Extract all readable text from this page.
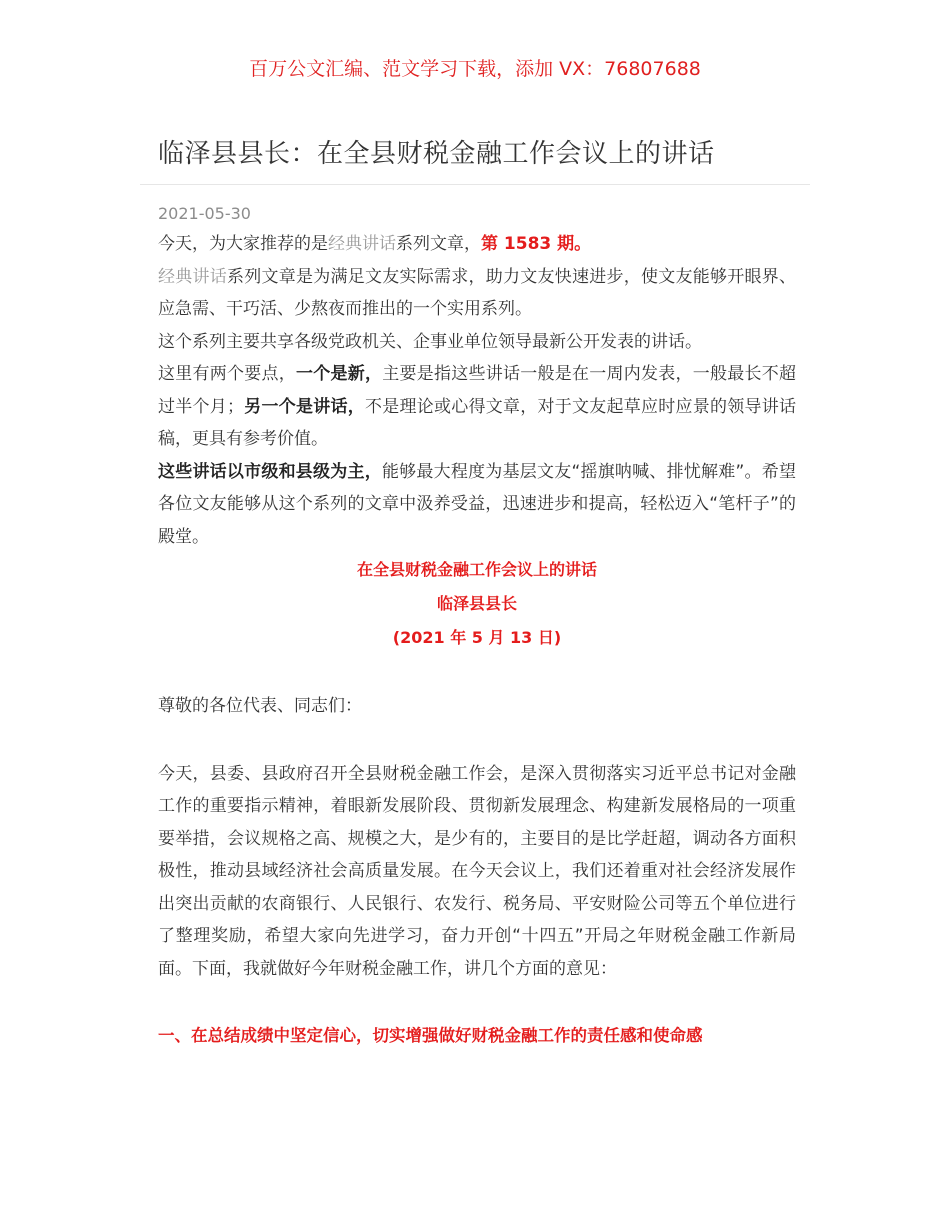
百万公文汇编、范文学习下载，添加 VX：76807688
临泽县县长：在全县财税金融工作会议上的讲话
2021-05-30

今天，为大家推荐的是经典讲话系列文章，第 1583 期。

经典讲话系列文章是为满足文友实际需求，助力文友快速进步，使文友能够开眼界、应急需、干巧活、少熬夜而推出的一个实用系列。

这个系列主要共享各级党政机关、企事业单位领导最新公开发表的讲话。

这里有两个要点，一个是新，主要是指这些讲话一般是在一周内发表，一般最长不超过半个月；另一个是讲话，不是理论或心得文章，对于文友起草应时应景的领导讲话稿，更具有参考价值。

这些讲话以市级和县级为主，能够最大程度为基层文友“摇旗呐喊、排忧解难”。希望各位文友能够从这个系列的文章中汲养受益，迅速进步和提高，轻松迈入“笔杆子”的殿堂。

在全县财税金融工作会议上的讲话

临泽县县长

(2021 年 5 月 13 日)

尊敬的各位代表、同志们：

今天，县委、县政府召开全县财税金融工作会，是深入贯彻落实习近平总书记对金融工作的重要指示精神，着眼新发展阶段、贯彻新发展理念、构建新发展格局的一项重要举措，会议规格之高、规模之大，是少有的，主要目的是比学赶超，调动各方面积极性，推动县域经济社会高质量发展。在今天会议上，我们还着重对社会经济发展作出突出贡献的农商银行、人民银行、农发行、税务局、平安财险公司等五个单位进行了整理奖励，希望大家向先进学习，奋力开创“十四五”开局之年财税金融工作新局面。下面，我就做好今年财税金融工作，讲几个方面的意见：

一、在总结成绩中坚定信心，切实增强做好财税金融工作的责任感和使命感
